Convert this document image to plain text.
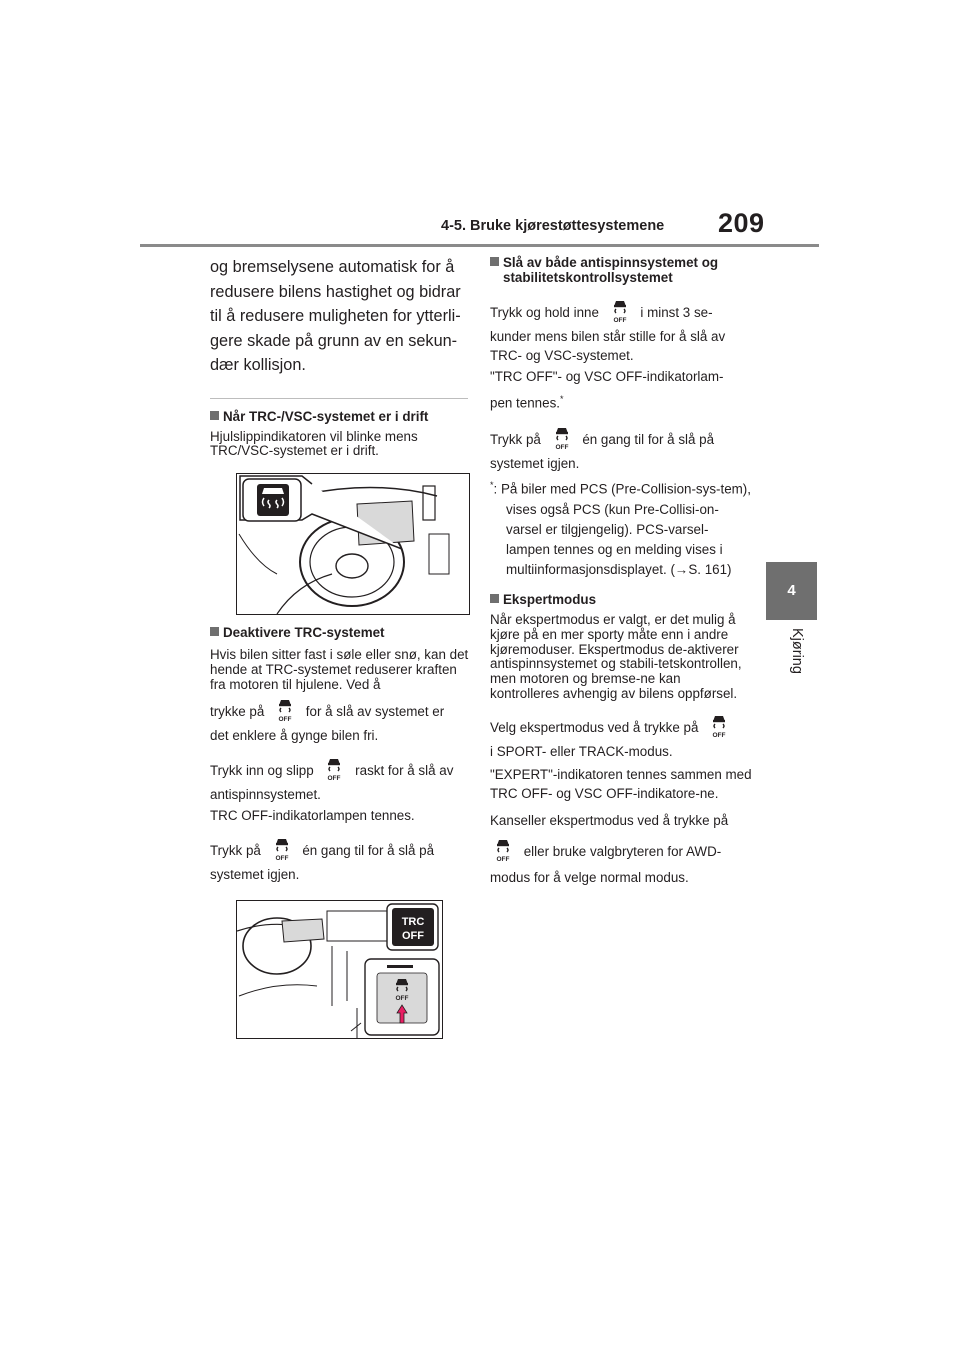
4-5. Bruke kjørestøttesystemene 209
4
Kjøring

og bremselysene automatisk for å redusere bilens hastighet og bidrar til å redusere muligheten for ytterli-gere skade på grunn av en sekun-dær kollisjon.

Når TRC-/VSC-systemet er i drift

Hjulslippindikatoren vil blinke mens TRC/VSC-systemet er i drift.

Deaktivere TRC-systemet

Hvis bilen sitter fast i søle eller snø, kan det hende at TRC-systemet reduserer kraften fra motoren til hjulene. Ved å

trykke på	for å slå av systemet er

det enklere å gynge bilen fri.

Trykk inn og slipp	raskt for å slå av

antispinnsystemet.

TRC OFF-indikatorlampen tennes.

Trykk på	én gang til for å slå på

systemet igjen.

TRC
OFF

Slå av både antispinnsystemet og stabilitetskontrollsystemet

Trykk og hold inne	i minst 3 se-

kunder mens bilen står stille for å slå av TRC- og VSC-systemet.

"TRC OFF"- og VSC OFF-indikatorlam-

pen tennes.*

Trykk på	én gang til for å slå på

systemet igjen.

*: På biler med PCS (Pre-Collision-sys-tem), vises også PCS (kun Pre-Collisi-on-varsel er tilgjengelig). PCS-varsel-lampen tennes og en melding vises i multiinformasjonsdisplayet. (→S. 161)

Ekspertmodus

Når ekspertmodus er valgt, er det mulig å kjøre på en mer sporty måte enn i andre kjøremoduser. Ekspertmodus de-aktiverer antispinnsystemet og stabili-tetskontrollen, men motoren og bremse-ne kan kontrolleres avhengig av bilens oppførsel.

Velg ekspertmodus ved å trykke på

i SPORT- eller TRACK-modus.

"EXPERT"-indikatoren tennes sammen med TRC OFF- og VSC OFF-indikatore-ne.

Kanseller ekspertmodus ved å trykke på

eller bruke valgbryteren for AWD-

modus for å velge normal modus.
